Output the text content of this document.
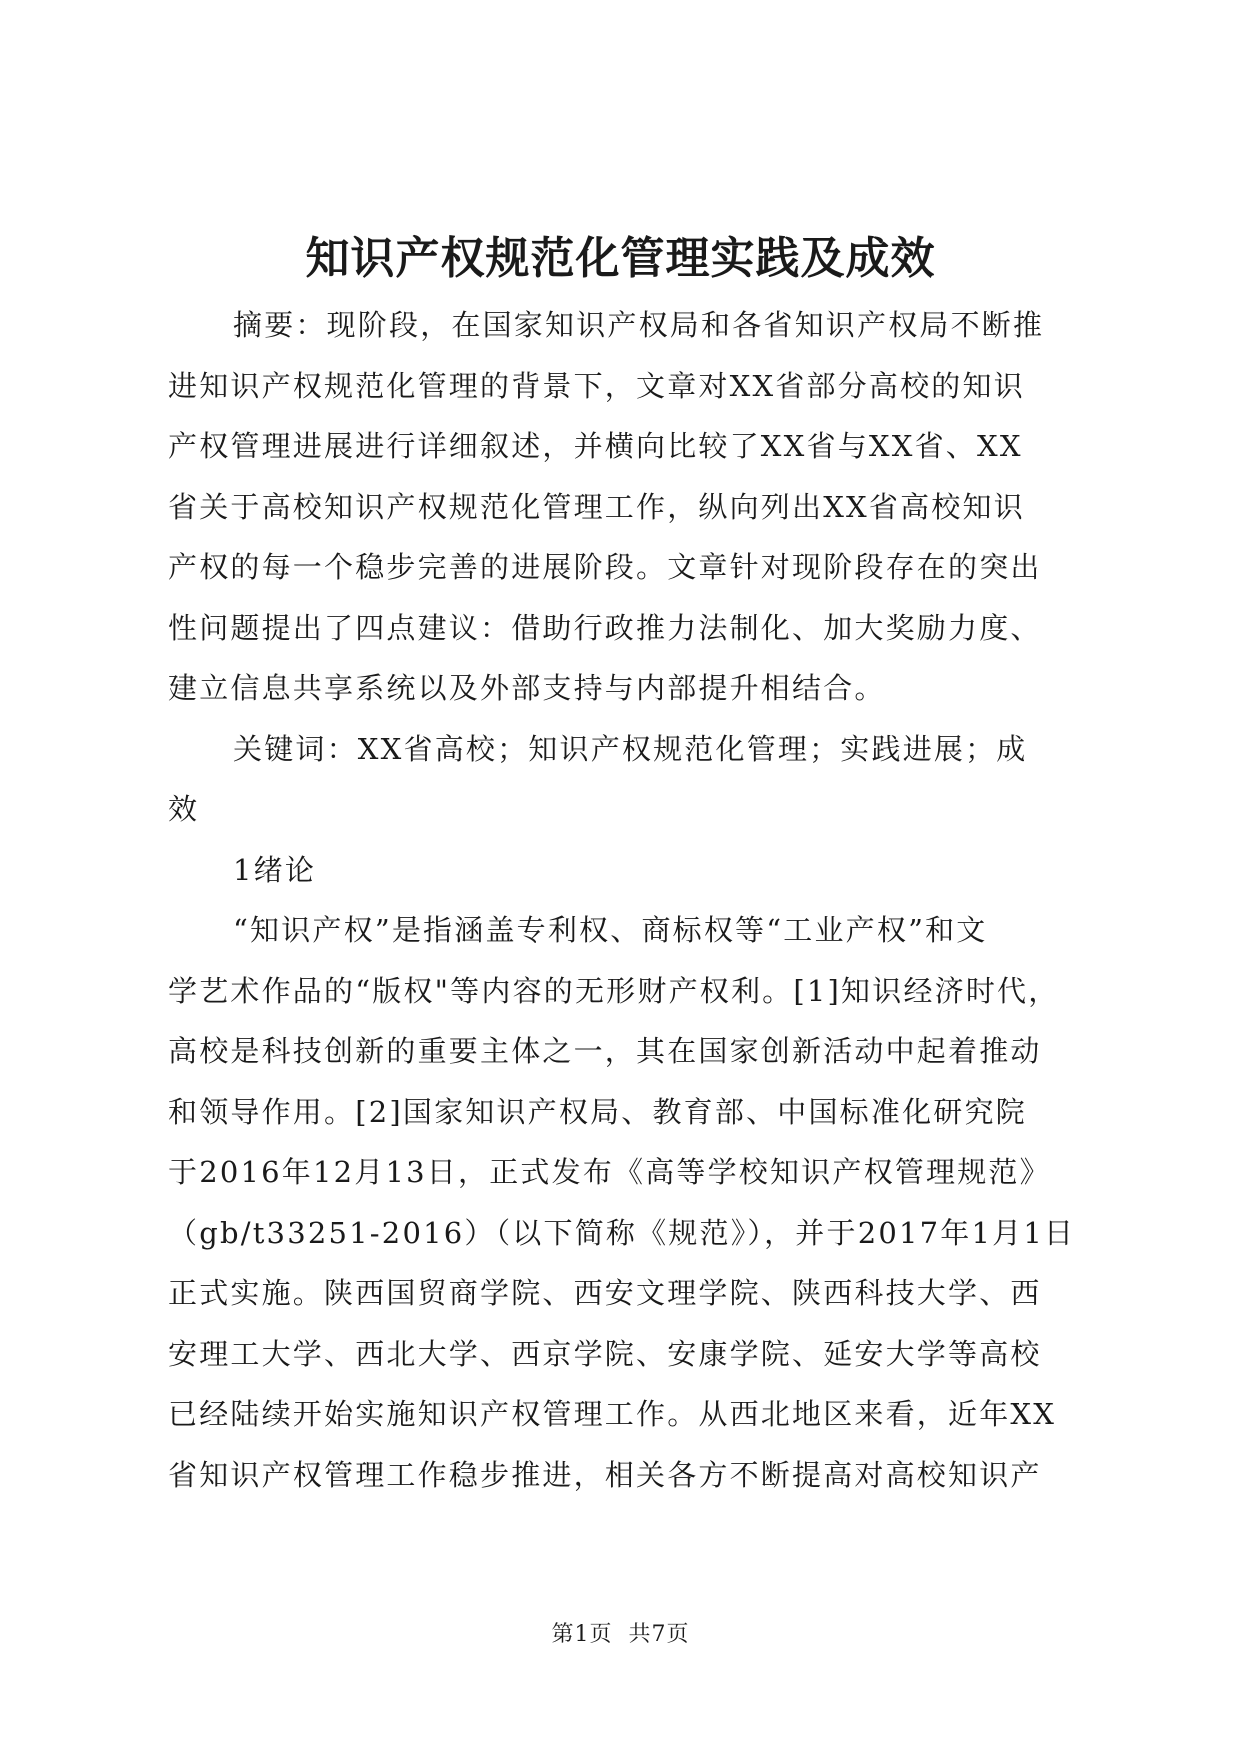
知识产权规范化管理实践及成效
摘要：现阶段，在国家知识产权局和各省知识产权局不断推
进知识产权规范化管理的背景下，文章对XX省部分高校的知识
产权管理进展进行详细叙述，并横向比较了XX省与XX省、XX
省关于高校知识产权规范化管理工作，纵向列出XX省高校知识
产权的每一个稳步完善的进展阶段。文章针对现阶段存在的突出
性问题提出了四点建议：借助行政推力法制化、加大奖励力度、
建立信息共享系统以及外部支持与内部提升相结合。
关键词：XX省高校；知识产权规范化管理；实践进展；成
效
1绪论
“知识产权”是指涵盖专利权、商标权等“工业产权”和文
学艺术作品的“版权"等内容的无形财产权利。[1]知识经济时代，
高校是科技创新的重要主体之一，其在国家创新活动中起着推动
和领导作用。[2]国家知识产权局、教育部、中国标准化研究院
于2016年12月13日，正式发布《高等学校知识产权管理规范》
（gb/t33251-2016）（以下简称《规范》），并于2017年1月1日
正式实施。陕西国贸商学院、西安文理学院、陕西科技大学、西
安理工大学、西北大学、西京学院、安康学院、延安大学等高校
已经陆续开始实施知识产权管理工作。从西北地区来看，近年XX
省知识产权管理工作稳步推进，相关各方不断提高对高校知识产
第1页 共7页
